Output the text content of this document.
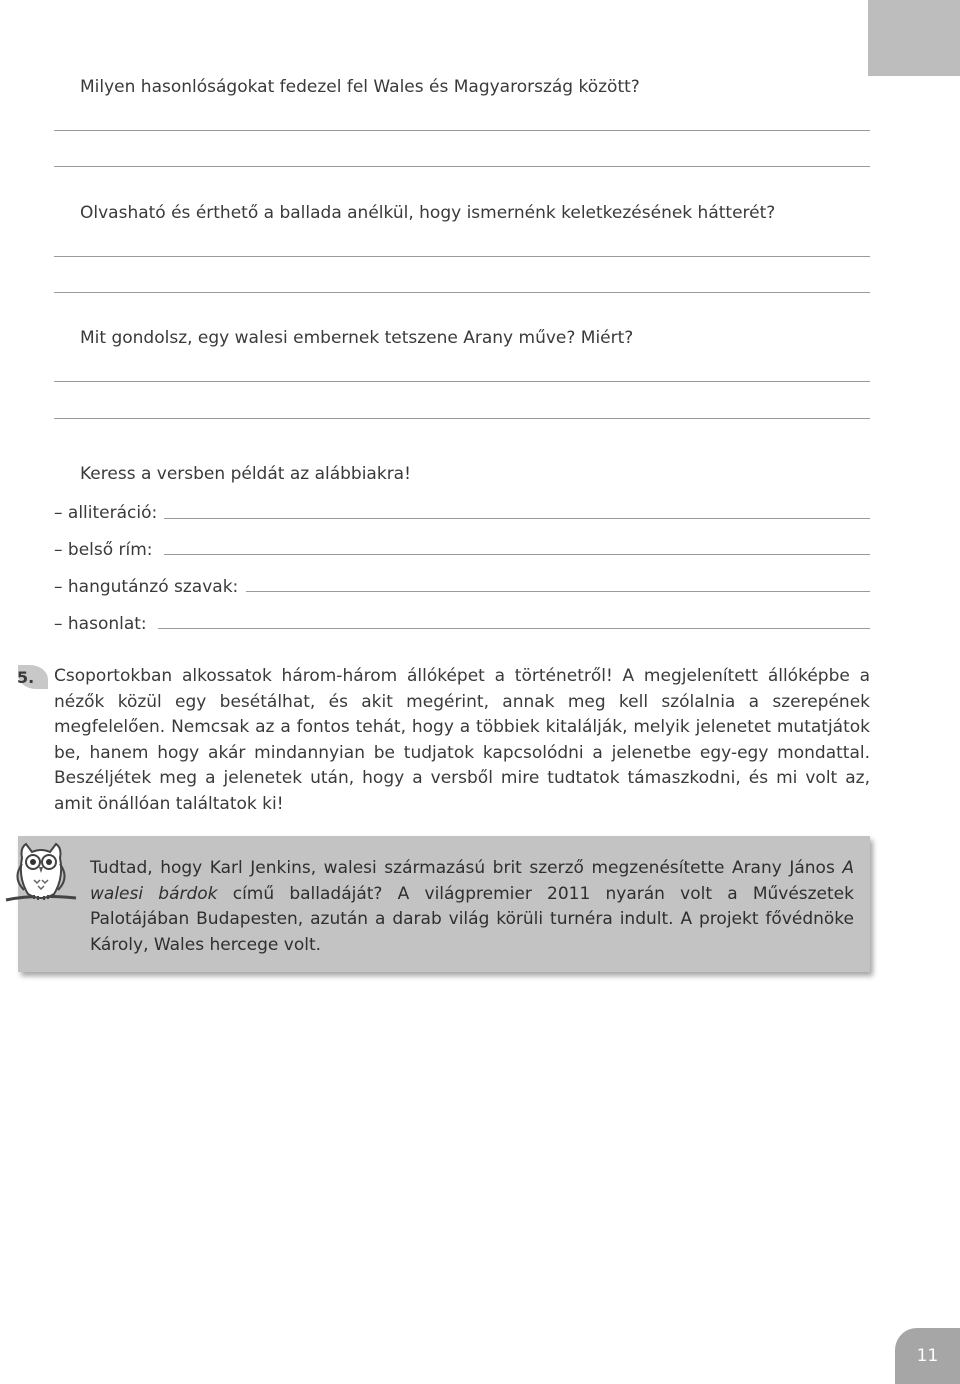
Milyen hasonlóságokat fedezel fel Wales és Magyarország között?
Olvasható és érthető a ballada anélkül, hogy ismernénk keletkezésének hátterét?
Mit gondolsz, egy walesi embernek tetszene Arany műve? Miért?
Keress a versben példát az alábbiakra!
– alliteráció:
– belső rím:
– hangutánzó szavak:
– hasonlat:
5. Csoportokban alkossatok három-három állóképet a történetről! A megjelenített állóképbe a nézők közül egy besétálhat, és akit megérint, annak meg kell szólalnia a szerepének megfelelően. Nemcsak az a fontos tehát, hogy a többiek kitalálják, melyik jelenetet mutatjátok be, hanem hogy akár mindannyian be tudjatok kapcsolódni a jelenetbe egy-egy mondattal. Beszéljétek meg a jelenetek után, hogy a versből mire tudtatok támaszkodni, és mi volt az, amit önállóan találtatok ki!
Tudtad, hogy Karl Jenkins, walesi származású brit szerző megzenésítette Arany János A walesi bárdok című balladáját? A világpremier 2011 nyarán volt a Művészetek Palotájában Budapesten, azután a darab világ körüli turnéra indult. A projekt fővédnöke Károly, Wales hercege volt.
11
